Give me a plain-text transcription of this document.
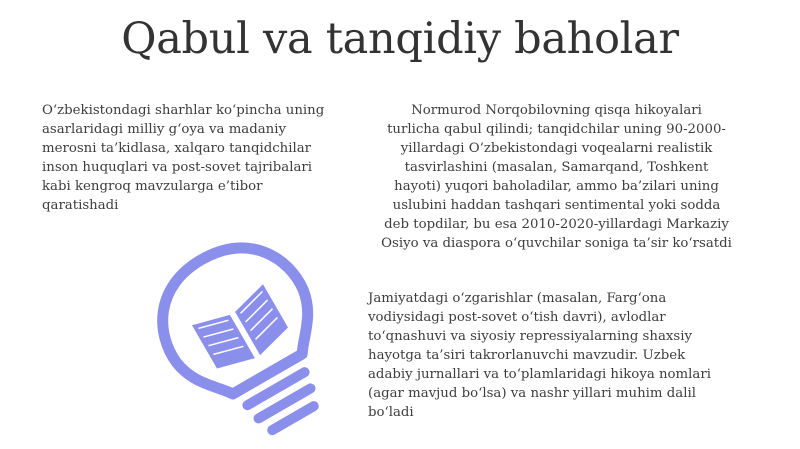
Qabul va tanqidiy baholar
O‘zbekistondagi sharhlar ko‘pincha uning
asarlaridagi milliy g‘oya va madaniy
merosni ta’kidlasa, xalqaro tanqidchilar
inson huquqlari va post-sovet tajribalari
kabi kengroq mavzularga e’tibor
qaratishadi
Normurod Norqobilovning qisqa hikoyalari
turlicha qabul qilindi; tanqidchilar uning 90-2000-
yillardagi O‘zbekistondagi voqealarni realistik
tasvirlashini (masalan, Samarqand, Toshkent
hayoti) yuqori baholadilar, ammo ba’zilari uning
uslubini haddan tashqari sentimental yoki sodda
deb topdilar, bu esa 2010-2020-yillardagi Markaziy
Osiyo va diaspora o‘quvchilar soniga ta’sir ko‘rsatdi
Jamiyatdagi o‘zgarishlar (masalan, Farg‘ona
vodiysidagi post-sovet o‘tish davri), avlodlar
to‘qnashuvi va siyosiy repressiyalarning shaxsiy
hayotga ta’siri takrorlanuvchi mavzudir. Uzbek
adabiy jurnallari va to‘plamlaridagi hikoya nomlari
(agar mavjud bo‘lsa) va nashr yillari muhim dalil
bo‘ladi
